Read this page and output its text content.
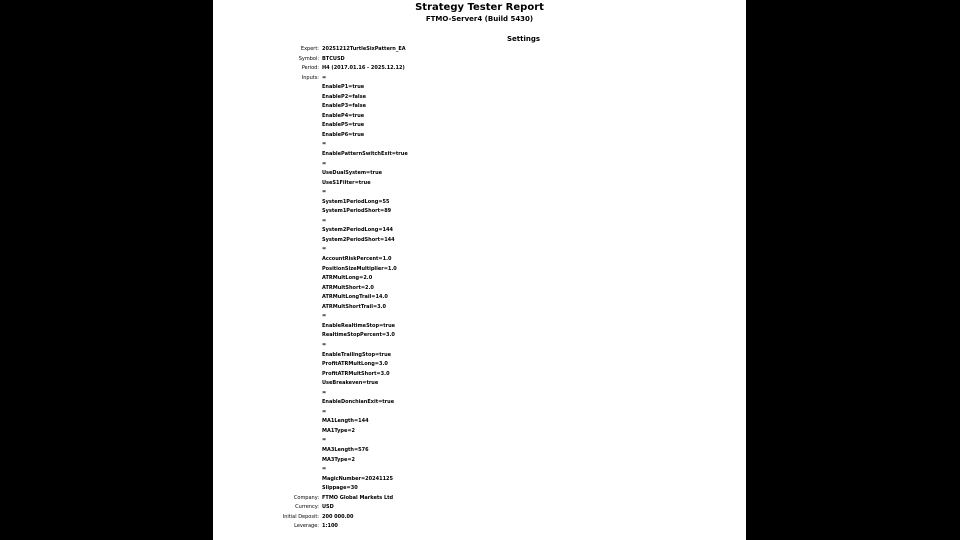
Strategy Tester Report
FTMO-Server4 (Build 5430)
Settings
Expert: 20251212TurtleSixPattern_EA
Symbol: BTCUSD
Period: H4 (2017.01.16 - 2025.12.12)
Inputs: =
EnableP1=true
EnableP2=false
EnableP3=false
EnableP4=true
EnableP5=true
EnableP6=true
=
EnablePatternSwitchExit=true
=
UseDualSystem=true
UseS1Filter=true
=
System1PeriodLong=55
System1PeriodShort=89
=
System2PeriodLong=144
System2PeriodShort=144
=
AccountRiskPercent=1.0
PositionSizeMultiplier=1.0
ATRMultLong=2.0
ATRMultShort=2.0
ATRMultLongTrail=14.0
ATRMultShortTrail=3.0
=
EnableRealtimeStop=true
RealtimeStopPercent=3.0
=
EnableTrailingStop=true
ProfitATRMultLong=3.0
ProfitATRMultShort=3.0
UseBreakeven=true
=
EnableDonchianExit=true
=
MA1Length=144
MA1Type=2
=
MA3Length=576
MA3Type=2
=
MagicNumber=20241125
Slippage=30
Company: FTMO Global Markets Ltd
Currency: USD
Initial Deposit: 200 000.00
Leverage: 1:100
